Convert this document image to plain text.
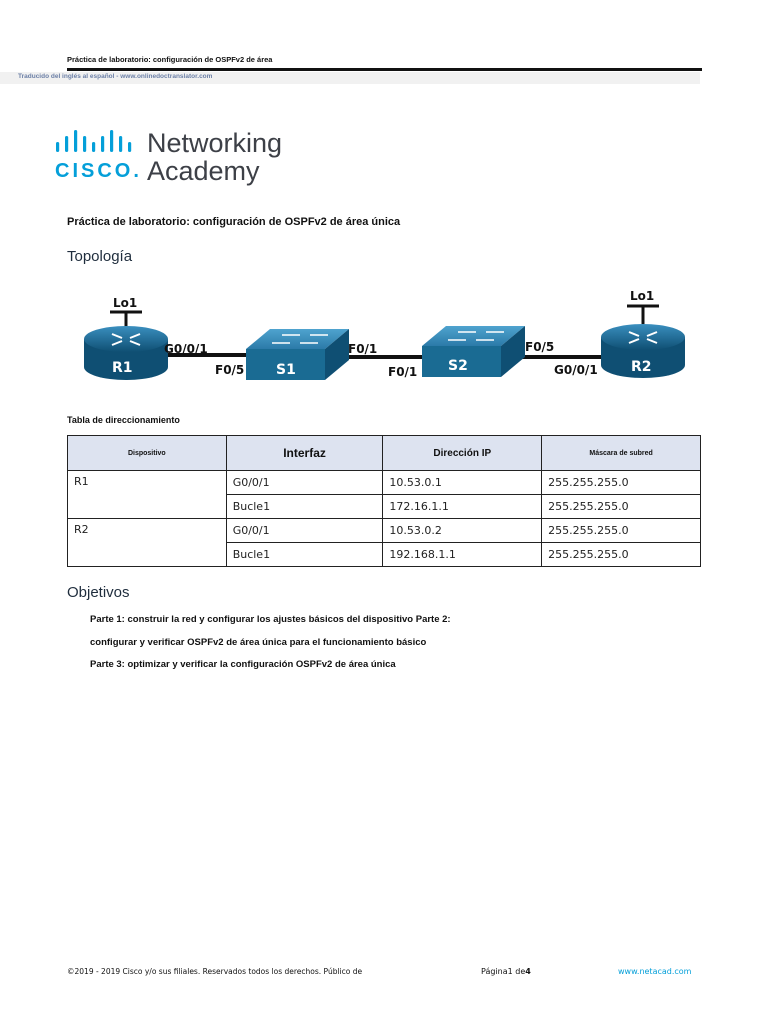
Práctica de laboratorio: configuración de OSPFv2 de área
Traducido del inglés al español - www.onlinedoctranslator.com
CISCO.
Networking
Academy
Práctica de laboratorio: configuración de OSPFv2 de área única
Topología
R1	S1	S2	R2
Lo1	Lo1
G0/0/1
F0/5
F0/1
F0/1
F0/5
G0/0/1
Tabla de direccionamiento
Dispositivo	Interfaz	Dirección IP	Máscara de subred
R1	G0/0/1	10.53.0.1	255.255.255.0
	Bucle1	172.16.1.1	255.255.255.0
R2	G0/0/1	10.53.0.2	255.255.255.0
	Bucle1	192.168.1.1	255.255.255.0
Objetivos
Parte 1: construir la red y configurar los ajustes básicos del dispositivo Parte 2:
configurar y verificar OSPFv2 de área única para el funcionamiento básico
Parte 3: optimizar y verificar la configuración OSPFv2 de área única
©2019 - 2019 Cisco y/o sus filiales. Reservados todos los derechos. Público de	Página1 de4	www.netacad.com
